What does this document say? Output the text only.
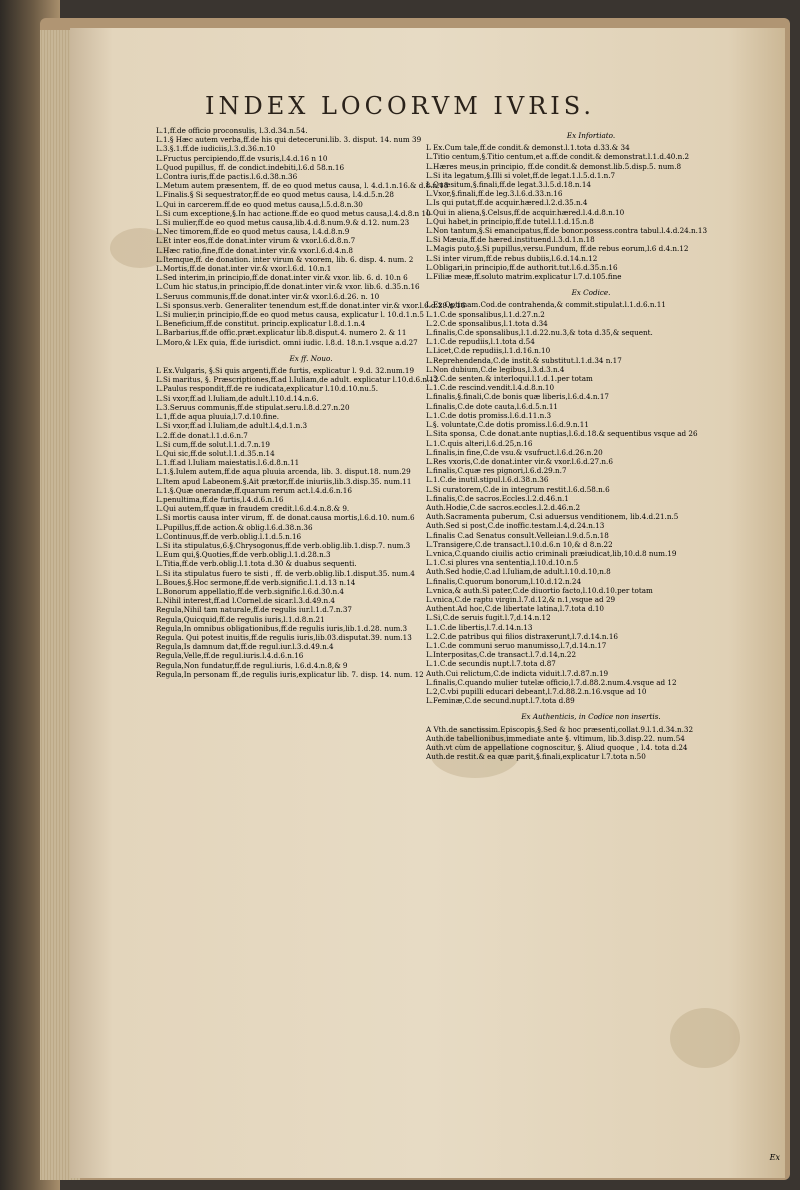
INDEX LOCORVM IVRIS.
L.1,ff.de officio proconsulis, l.3.d.34.n.54.
L.1.§ Hæc autem verba,ff.de his qui deteceruni.lib. 3. disput. 14. num 39
L.3.§.1.ff.de iudiciis,l.3.d.36.n.10
L.Fructus percipiendo,ff.de vsuris,l.4.d.16 n 10
L.Quod pupillus, ff. de condict.indebiti,l.6.d 58.n.16
L.Contra iuris,ff.de pactis.l.6.d.38.n.36
L.Metum autem præsentem, ff. de eo quod metus causa, l. 4.d.1.n.16.& d.8.n.15
L.Finalis.§ Si sequestrator,ff.de eo quod metus causa, l.4.d.5.n.28
L.Qui in carcerem.ff.de eo quod metus causa,l.5.d.8.n.30
L.Si cum exceptione,§.In hac actione.ff.de eo quod metus causa,l.4.d.8.n 10
L.Si mulier,ff.de eo quod metus causa,lib.4.d.8.num.9.& d.12. num.23
L.Nec timorem,ff.de eo quod metus causa, l.4.d.8.n.9
L.Et inter eos,ff.de donat.inter virum & vxor.l.6.d.8.n.7
L.Hæc ratio,fine,ff.de donat.inter vir.& vxor.l.6.d.4.n.8
L.Itemque,ff. de donation. inter virum & vxorem, lib. 6. disp. 4. num. 2
L.Mortis,ff.de donat.inter vir.& vxor.l.6.d. 10.n.1
L.Sed interim,in principio,ff.de donat.inter vir.& vxor. lib. 6. d. 10.n 6
L.Cum hic status,in principio,ff.de donat.inter vir.& vxor. lib.6. d.35.n.16
L.Seruus communis,ff.de donat.inter vir.& vxor.l.6.d.26. n. 10
L.Si sponsus.verb. Generaliter tenendum est,ff.de donat.inter vir.& vxor.l.6.d.29.n.16
L.Si mulier,in principio,ff.de eo quod metus causa, explicatur l. 10.d.1.n.5
L.Beneficium,ff.de constitut. princip.explicatur l.8.d.1.n.4
L.Barbarius,ff.de offic.præt.explicatur lib.8.disput.4. numero 2. & 11
L.Moro,& l.Ex quia, ff.de iurisdict. omni iudic. l.8.d. 18.n.1.vsque a.d.27
Ex ff. Nouo.
L Ex.Vulgaris, §.Si quis argenti,ff.de furtis, explicatur l. 9.d. 32.num.19
L.Si maritus, §. Præscriptiones,ff.ad l.Iuliam,de adult. explicatur l.10.d.6.n.12
L.Paulus respondit,ff.de re iudicata,explicatur l.10.d.10.nu.5.
L.Si vxor,ff.ad l.Iuliam,de adult.l.10.d.14.n.6.
L.3.Seruus communis,ff.de stipulat.seru.l.8.d.27.n.20
L.1,ff.de aqua pluuia,l.7.d.10.fine.
L.Si vxor,ff.ad l.Iuliam,de adult.l.4,d.1.n.3
L.2.ff.de donat.l.1.d.6.n.7
L.Si cum,ff.de solut.l.1.d.7.n.19
L.Qui sic,ff.de solut.l.1.d.35.n.14
L.1.ff.ad l.Iuliam maiestatis.l.6.d.8.n.11
L.1.§.Iulem autem,ff.de aqua pluuia arcenda, lib. 3. disput.18. num.29
L.Item apud Labeonem.§.Ait prætor,ff.de iniuriis,lib.3.disp.35. num.11
L.1.§.Quæ onerandæ,ff.quarum rerum act.l.4.d.6.n.16
L.penultima,ff.de furtis,l.4.d.6.n.16
L.Qui autem,ff.quæ in fraudem credit.l.6.d.4.n.8.& 9.
L.Si mortis causa inter virum, ff. de donat.causa mortis,l.6.d.10. num.6
L.Pupillus,ff.de action.& oblig.l.6.d.38.n.36
L.Continuus,ff.de verb.oblig.l.1.d.5.n.16
L.Si ita stipulatus,6.§.Chrysogonus,ff.de verb.oblig.lib.1.disp.7. num.3
L.Eum qui,§.Quoties,ff.de verb.oblig.l.1.d.28.n.3
L.Titia,ff.de verb.oblig.l.1.tota d.30 & duabus sequenti.
L.Si ita stipulatus fuero te sisti , ff. de verb.oblig.lib.1.disput.35. num.4
L.Boues,§.Hoc sermone,ff.de verb.signific.l.1.d.13 n.14
L.Bonorum appellatio,ff.de verb.signific.l.6.d.30.n.4
L.Nihil interest,ff.ad l.Cornel.de sicar.l.3.d.49.n.4
Regula,Nihil tam naturale,ff.de regulis iur.l.1.d.7.n.37
Regula,Quicquid,ff.de regulis iuris,l.1.d.8.n.21
Regula,In omnibus obligationibus,ff.de regulis iuris,lib.1.d.28. num.3
Regula. Qui potest inuitis,ff.de regulis iuris,lib.03.disputat.39. num.13
Regula,Is damnum dat,ff.de regul.iur.l.3.d.49.n.4
Regula,Velle,ff.de regul.iuris.l.4.d.6.n.16
Regula,Non fundatur,ff.de regul.iuris, l.6.d.4.n.8,& 9
Regula,In personam ff.,de regulis iuris,explicatur lib. 7. disp. 14. num. 12
Ex Infortiato.
L Ex.Cum tale,ff.de condit.& demonst.l.1.tota d.33.& 34
L.Titio centum,§.Titio centum,et a.ff.de condit.& demonstrat.l.1.d.40.n.2
L.Hæres meus,in principio, ff.de condit.& demonst.lib.5.disp.5. num.8
L.Si ita legatum,§.Illi si volet,ff.de legat.1.l.5.d.1.n.7
L.Quæsitum,§.finali,ff.de legat.3.l.5.d.18.n.14
L.Vxor,§.finali,ff.de leg.3.l.6.d.33.n.16
L.Is qui putat,ff.de acquir.hæred.l.2.d.35.n.4
L.Qui in aliena,§.Celsus,ff.de acquir.hæred.l.4.d.8.n.10
L.Qui habet,in principio,ff.de tutel.l.1.d.15.n.8
L.Non tantum,§.Si emancipatus,ff.de bonor.possess.contra tabul.l.4.d.24.n.13
L.Si Mæuia,ff.de hæred.instituend.l.3.d.1.n.18
L.Magis puto,§.Si pupillus,versu.Fundum, ff.de rebus eorum,l.6 d.4.n.12
L.Si inter virum,ff.de rebus dubiis,l.6.d.14.n.12
L.Obligari,in principio,ff.de authorit.tut.l.6.d.35.n.16
L.Filiæ meæ,ff.soluto matrim.explicatur l.7.d.105.fine
Ex Codice.
L Ex.Optimam.Cod.de contrahenda,& commit.stipulat.l.1.d.6.n.11
L.1.C.de sponsalibus,l.1.d.27.n.2
L.2.C.de sponsalibus,l.1.tota d.34
L.finalis,C.de sponsalibus,l.1.d.22.nu.3,& tota d.35,& sequent.
L.1.C.de repudiis,l.1.tota d.54
L.Licet,C.de repudiis,l.1.d.16.n.10
L.Reprehendenda,C.de instit.& substitut.l.1.d.34 n.17
L.Non dubium,C.de legibus,l.3.d.3.n.4
L.3.C.de senten.& interloqui.l.1.d.1.per totam
L.1.C.de rescind.vendit.l.4.d.8.n.10
L.finalis,§.finali,C.de bonis quæ liberis,l.6.d.4.n.17
L.finalis,C.de dote cauta,l.6.d.5.n.11
L.1.C.de dotis promiss.l.6.d.11.n.3
L.§. voluntate,C.de dotis promiss.l.6.d.9.n.11
L.Sita sponsa, C.de donat.ante nuptias,l.6.d.18.& sequentibus vsque ad 26
L.1.C.quis alteri,l.6.d.25,n.16
L.finalis,in fine,C.de vsu.& vsufruct.l.6.d.26.n.20
L.Res vxoris,C.de donat.inter vir.& vxor.l.6.d.27.n.6
L.finalis,C.quæ res pignori,l.6.d.29.n.7
L.1.C.de inutil.stipul.l.6.d.38.n.36
L.Si curatorem,C.de in integrum restit.l.6.d.58.n.6
L.finalis,C.de sacros.Eccles.l.2.d.46.n.1
Auth.Hodie,C.de sacros.eccles.l.2.d.46.n.2
Auth.Sacramenta puberum, C.si aduersus venditionem, lib.4.d.21.n.5
Auth.Sed si post,C.de inoffic.testam.l.4,d.24.n.13
L.finalis C.ad Senatus consult.Velleian.l.9.d.5.n.18
L.Transigere,C.de transact.l.10.d.6.n 10,& d 8.n.22
L.vnica,C.quando ciuilis actio criminali præiudicat,lib,10.d.8 num.19
L.1.C.si plures vna sententia,l.10.d.10.n.5
Auth.Sed hodie,C.ad l.Iuliam,de adult.l.10.d.10,n.8
L.finalis,C.quorum bonorum,l.10.d.12.n.24
L.vnica,& auth.Si pater,C.de diuortio facto,l.10.d.10.per totam
L.vnica,C.de raptu virgin.l.7.d.12,& n.1,vsque ad 29
Authent.Ad hoc,C.de libertate latina,l.7.tota d.10
L.Si,C.de seruis fugit.l.7,d.14.n.12
L.1.C.de libertis,l.7.d.14.n.13
L.2.C.de patribus qui filios distraxerunt,l.7.d.14.n.16
L.1.C.de communi seruo manumisso,l.7,d.14.n.17
L.Interpositas,C.de transact.l.7.d.14,n.22
L.1.C.de secundis nupt.l.7.tota d.87
Auth.Cui relictum,C.de indicta viduit.l.7.d.87.n.19
L.finalis,C.quando mulier tutelæ officio,l.7.d.88.2.num.4.vsque ad 12
L.2,C.vbi pupilli educari debeant,l.7.d.88.2.n.16.vsque ad 10
L.Feminæ,C.de secund.nupt.l.7.tota d.89
Ex Authenticis, in Codice non insertis.
A Vth.de sanctissim.Episcopis,§.Sed & hoc præsenti,collat.9.l.1.d.34.n.32
Auth.de tabellionibus,immediate ante §. vltimum, lib.3.disp.22. num.54
Auth.vt cùm de appellatione cognoscitur, §. Aliud quoque , l.4. tota d.24
Auth.de restit.& ea quæ parit,§.finali,explicatur l.7.tota n.50
Ex
